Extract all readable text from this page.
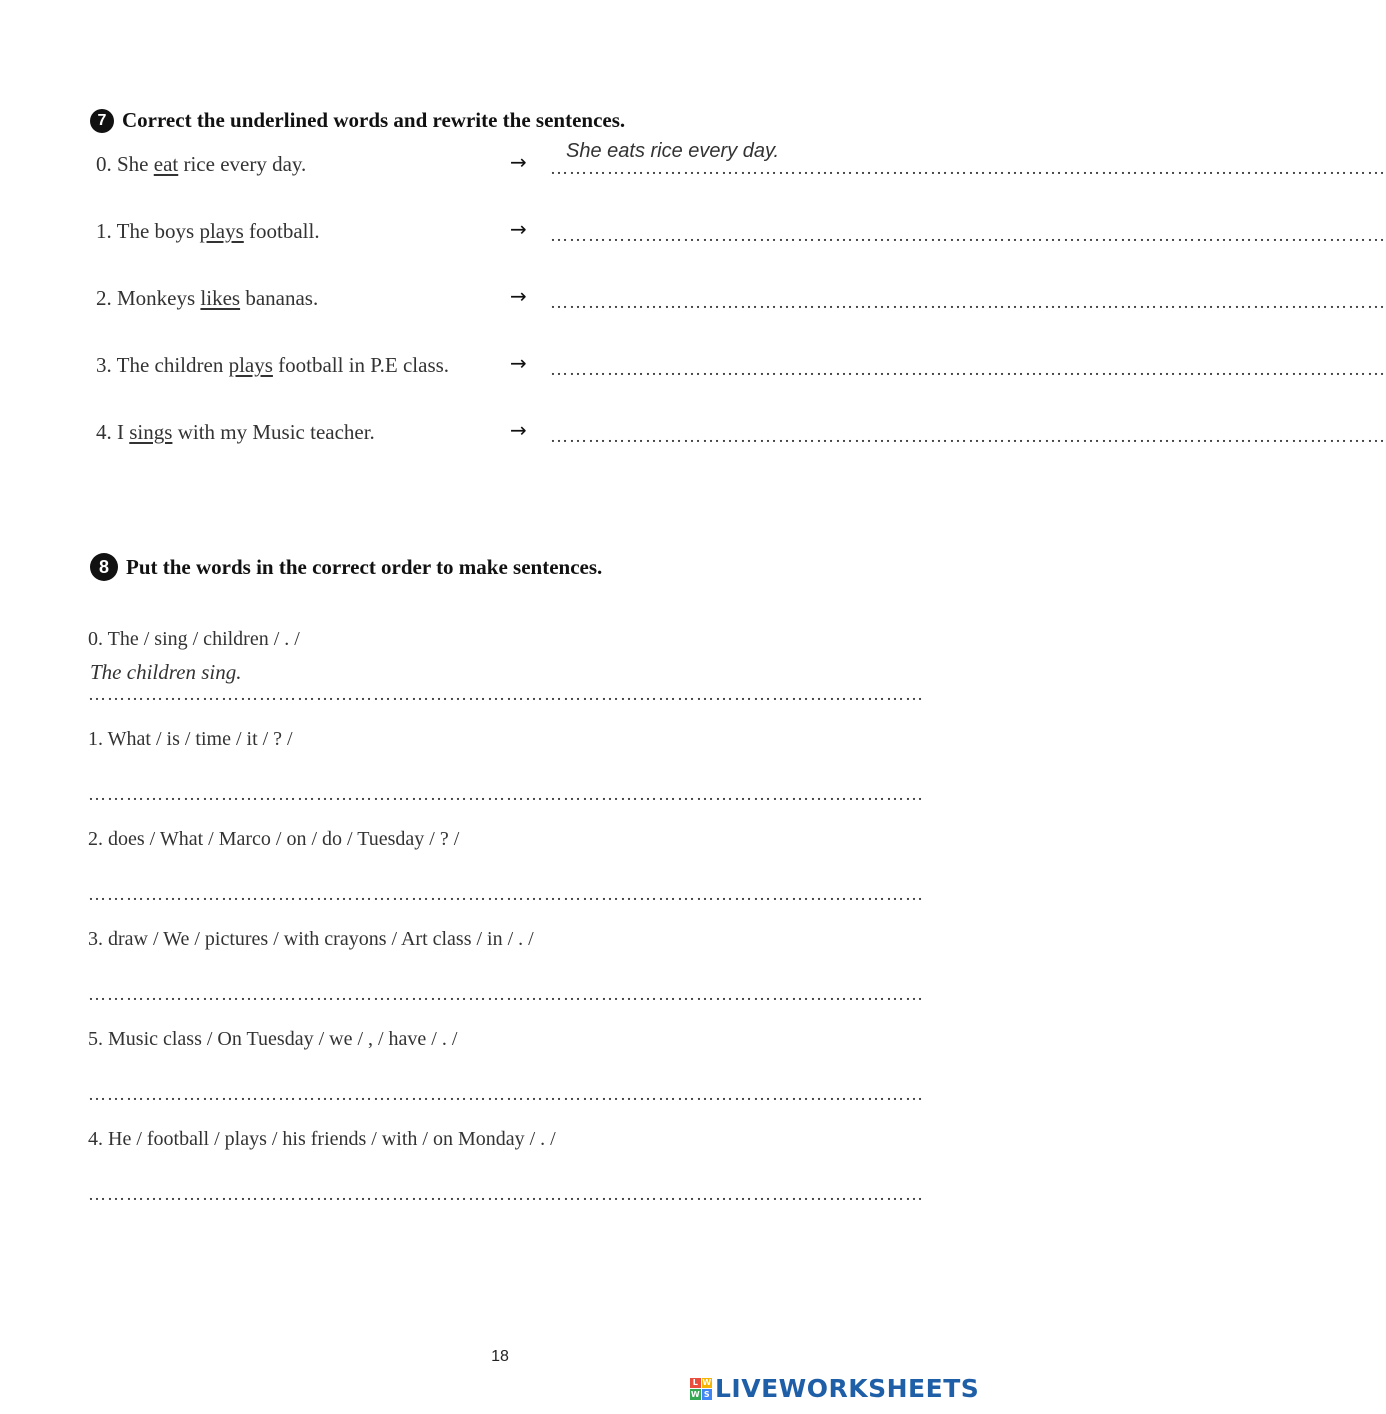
7 Correct the underlined words and rewrite the sentences.
0. She eat rice every day.	→ ……………………………………………………………………………………………………………………
She eats rice every day.
1. The boys plays football.	→ ……………………………………………………………………………………………………………………
2. Monkeys likes bananas.	→ ……………………………………………………………………………………………………………………
3. The children plays football in P.E class.	→ ……………………………………………………………………………………………………………………
4. I sings with my Music teacher.	→ ……………………………………………………………………………………………………………………
8 Put the words in the correct order to make sentences.
0. The / sing / children / . /
The children sing.
……………………………………………………………………………………………………………………
1. What / is / time / it / ? /
……………………………………………………………………………………………………………………
2. does / What / Marco / on / do / Tuesday / ? /
……………………………………………………………………………………………………………………
3. draw / We / pictures / with crayons / Art class / in / . /
……………………………………………………………………………………………………………………
5. Music class / On Tuesday / we / , / have / . /
……………………………………………………………………………………………………………………
4. He / football / plays / his friends / with / on Monday / . /
……………………………………………………………………………………………………………………
18
L W
W S LIVEWORKSHEETS
